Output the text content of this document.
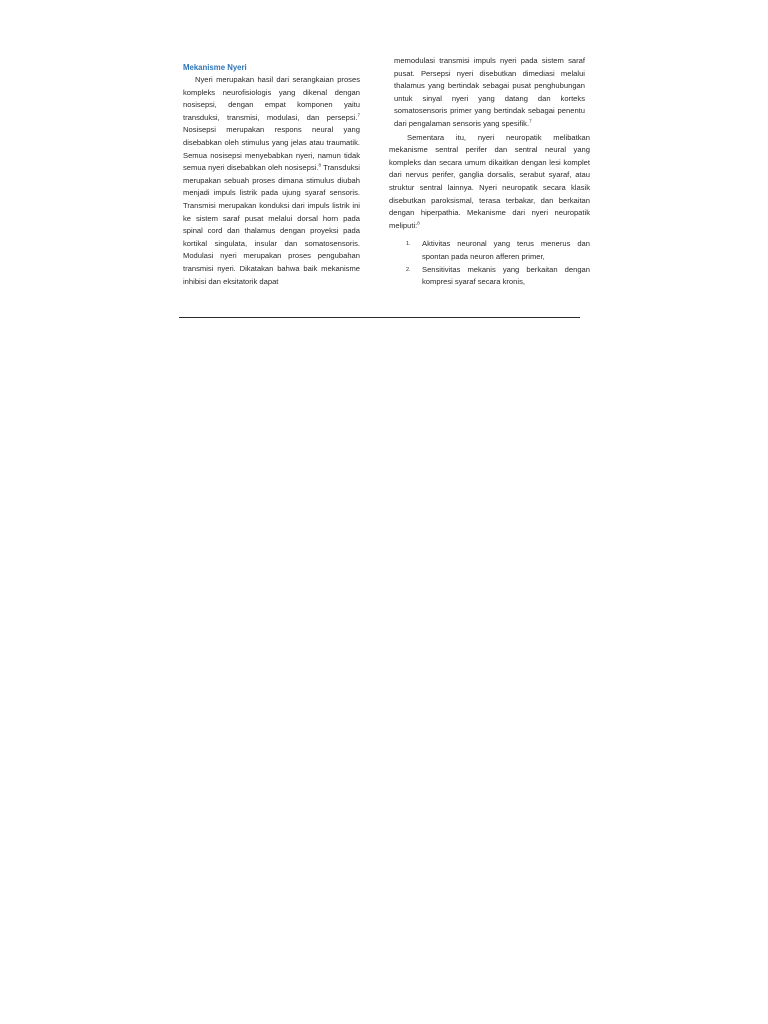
Mekanisme Nyeri

Nyeri merupakan hasil dari serangkaian proses kompleks neurofisiologis yang dikenal dengan nosisepsi, dengan empat komponen yaitu transduksi, transmisi, modulasi, dan persepsi.$^7$ Nosisepsi merupakan respons neural yang disebabkan oleh stimulus yang jelas atau traumatik. Semua nosisepsi menyebabkan nyeri, namun tidak semua nyeri disebabkan oleh nosisepsi.$^8$ Transduksi merupakan sebuah proses dimana stimulus diubah menjadi impuls listrik pada ujung syaraf sensoris. Transmisi merupakan konduksi dari impuls listrik ini ke sistem saraf pusat melalui dorsal horn pada spinal cord dan thalamus dengan proyeksi pada kortikal singulata, insular dan somatosensoris. Modulasi nyeri merupakan proses pengubahan transmisi nyeri. Dikatakan bahwa baik mekanisme inhibisi dan eksitatorik dapat

memodulasi transmisi impuls nyeri pada sistem saraf pusat. Persepsi nyeri disebutkan dimediasi melalui thalamus yang bertindak sebagai pusat penghubungan untuk sinyal nyeri yang datang dan korteks somatosensoris primer yang bertindak sebagai penentu dari pengalaman sensoris yang spesifik.$^7$

Sementara itu, nyeri neuropatik melibatkan mekanisme sentral perifer dan sentral neural yang kompleks dan secara umum dikaitkan dengan lesi komplet dari nervus perifer, ganglia dorsalis, serabut syaraf, atau struktur sentral lainnya. Nyeri neuropatik secara klasik disebutkan paroksismal, terasa terbakar, dan berkaitan dengan hiperpathia. Mekanisme dari nyeri neuropatik meliputi:$^8$

1. Aktivitas neuronal yang terus menerus dan spontan pada neuron afferen primer,
2. Sensitivitas mekanis yang berkaitan dengan kompresi syaraf secara kronis,
